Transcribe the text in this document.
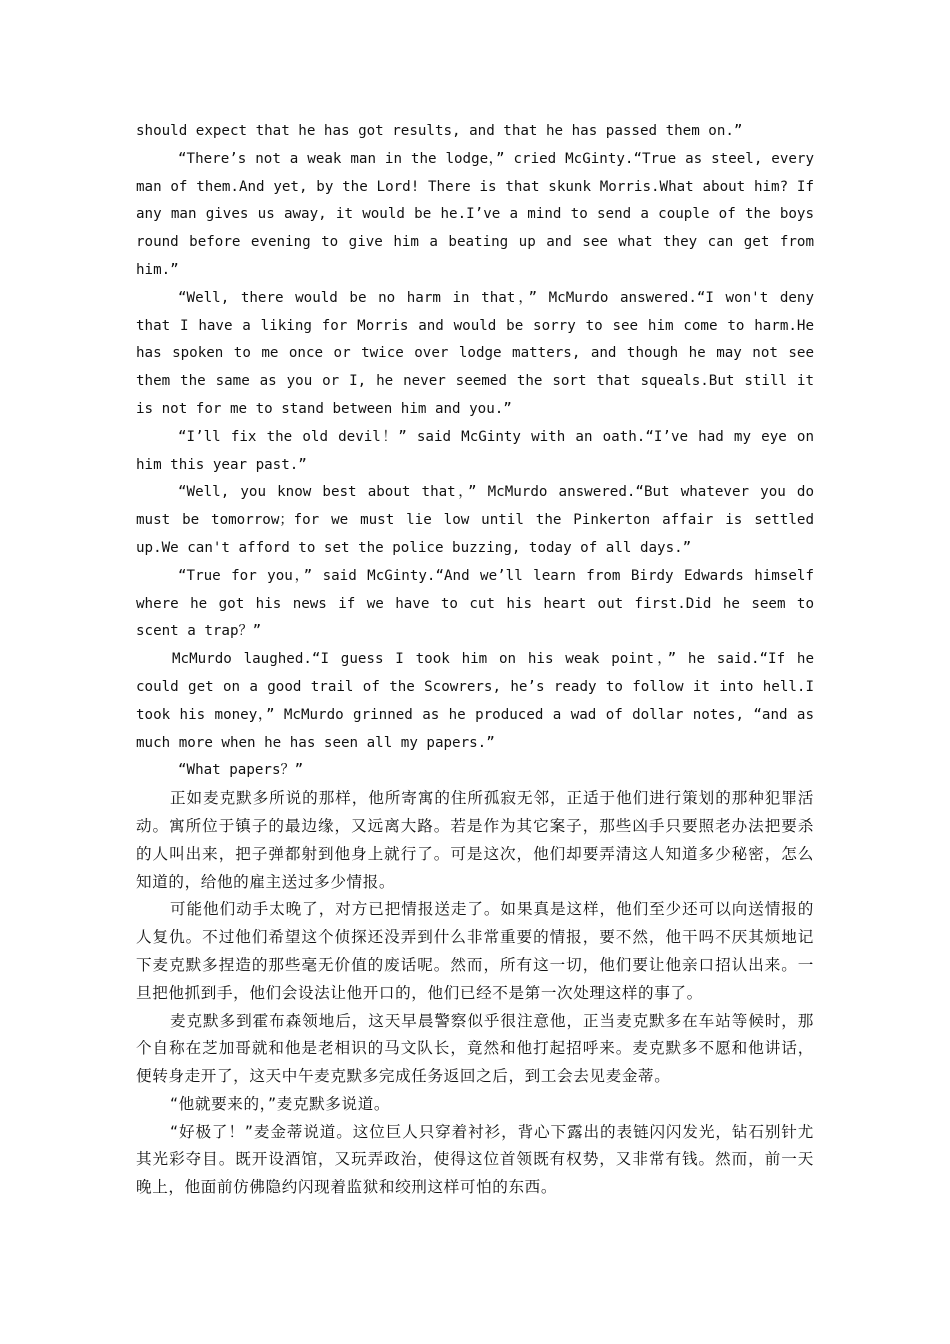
should expect that he has got results, and that he has passed them on.”

“There’s not a weak man in the lodge，” cried McGinty.“True as steel, every man of them.And yet, by the Lord! There is that skunk Morris.What about him? If any man gives us away, it would be he.I’ve a mind to send a couple of the boys round before evening to give him a beating up and see what they can get from him.”

“Well, there would be no harm in that，” McMurdo answered.“I won't deny that I have a liking for Morris and would be sorry to see him come to harm.He has spoken to me once or twice over lodge matters, and though he may not see them the same as you or I, he never seemed the sort that squeals.But still it is not for me to stand between him and you.”

“I’ll fix the old devil！” said McGinty with an oath.“I’ve had my eye on him this year past.”

“Well, you know best about that，” McMurdo answered.“But whatever you do must be tomorrow；for we must lie low until the Pinkerton affair is settled up.We can't afford to set the police buzzing, today of all days.”

“True for you，” said McGinty.“And we’ll learn from Birdy Edwards himself where he got his news if we have to cut his heart out first.Did he seem to scent a trap？”

McMurdo laughed.“I guess I took him on his weak point，” he said.“If he could get on a good trail of the Scowrers, he’s ready to follow it into hell.I took his money，” McMurdo grinned as he produced a wad of dollar notes, “and as much more when he has seen all my papers.”

“What papers？”

正如麦克默多所说的那样，他所寄寓的住所孤寂无邻，正适于他们进行策划的那种犯罪活动。寓所位于镇子的最边缘，又远离大路。若是作为其它案子，那些凶手只要照老办法把要杀的人叫出来，把子弹都射到他身上就行了。可是这次，他们却要弄清这人知道多少秘密，怎么知道的，给他的雇主送过多少情报。

可能他们动手太晚了，对方已把情报送走了。如果真是这样，他们至少还可以向送情报的人复仇。不过他们希望这个侦探还没弄到什么非常重要的情报，要不然，他干吗不厌其烦地记下麦克默多捏造的那些毫无价值的废话呢。然而，所有这一切，他们要让他亲口招认出来。一旦把他抓到手，他们会设法让他开口的，他们已经不是第一次处理这样的事了。

麦克默多到霍布森领地后，这天早晨警察似乎很注意他，正当麦克默多在车站等候时，那个自称在芝加哥就和他是老相识的马文队长，竟然和他打起招呼来。麦克默多不愿和他讲话，便转身走开了，这天中午麦克默多完成任务返回之后，到工会去见麦金蒂。

“他就要来的，”麦克默多说道。

“好极了！”麦金蒂说道。这位巨人只穿着衬衫，背心下露出的表链闪闪发光，钻石别针尤其光彩夺目。既开设酒馆，又玩弄政治，使得这位首领既有权势，又非常有钱。然而，前一天晚上，他面前仿佛隐约闪现着监狱和绞刑这样可怕的东西。
